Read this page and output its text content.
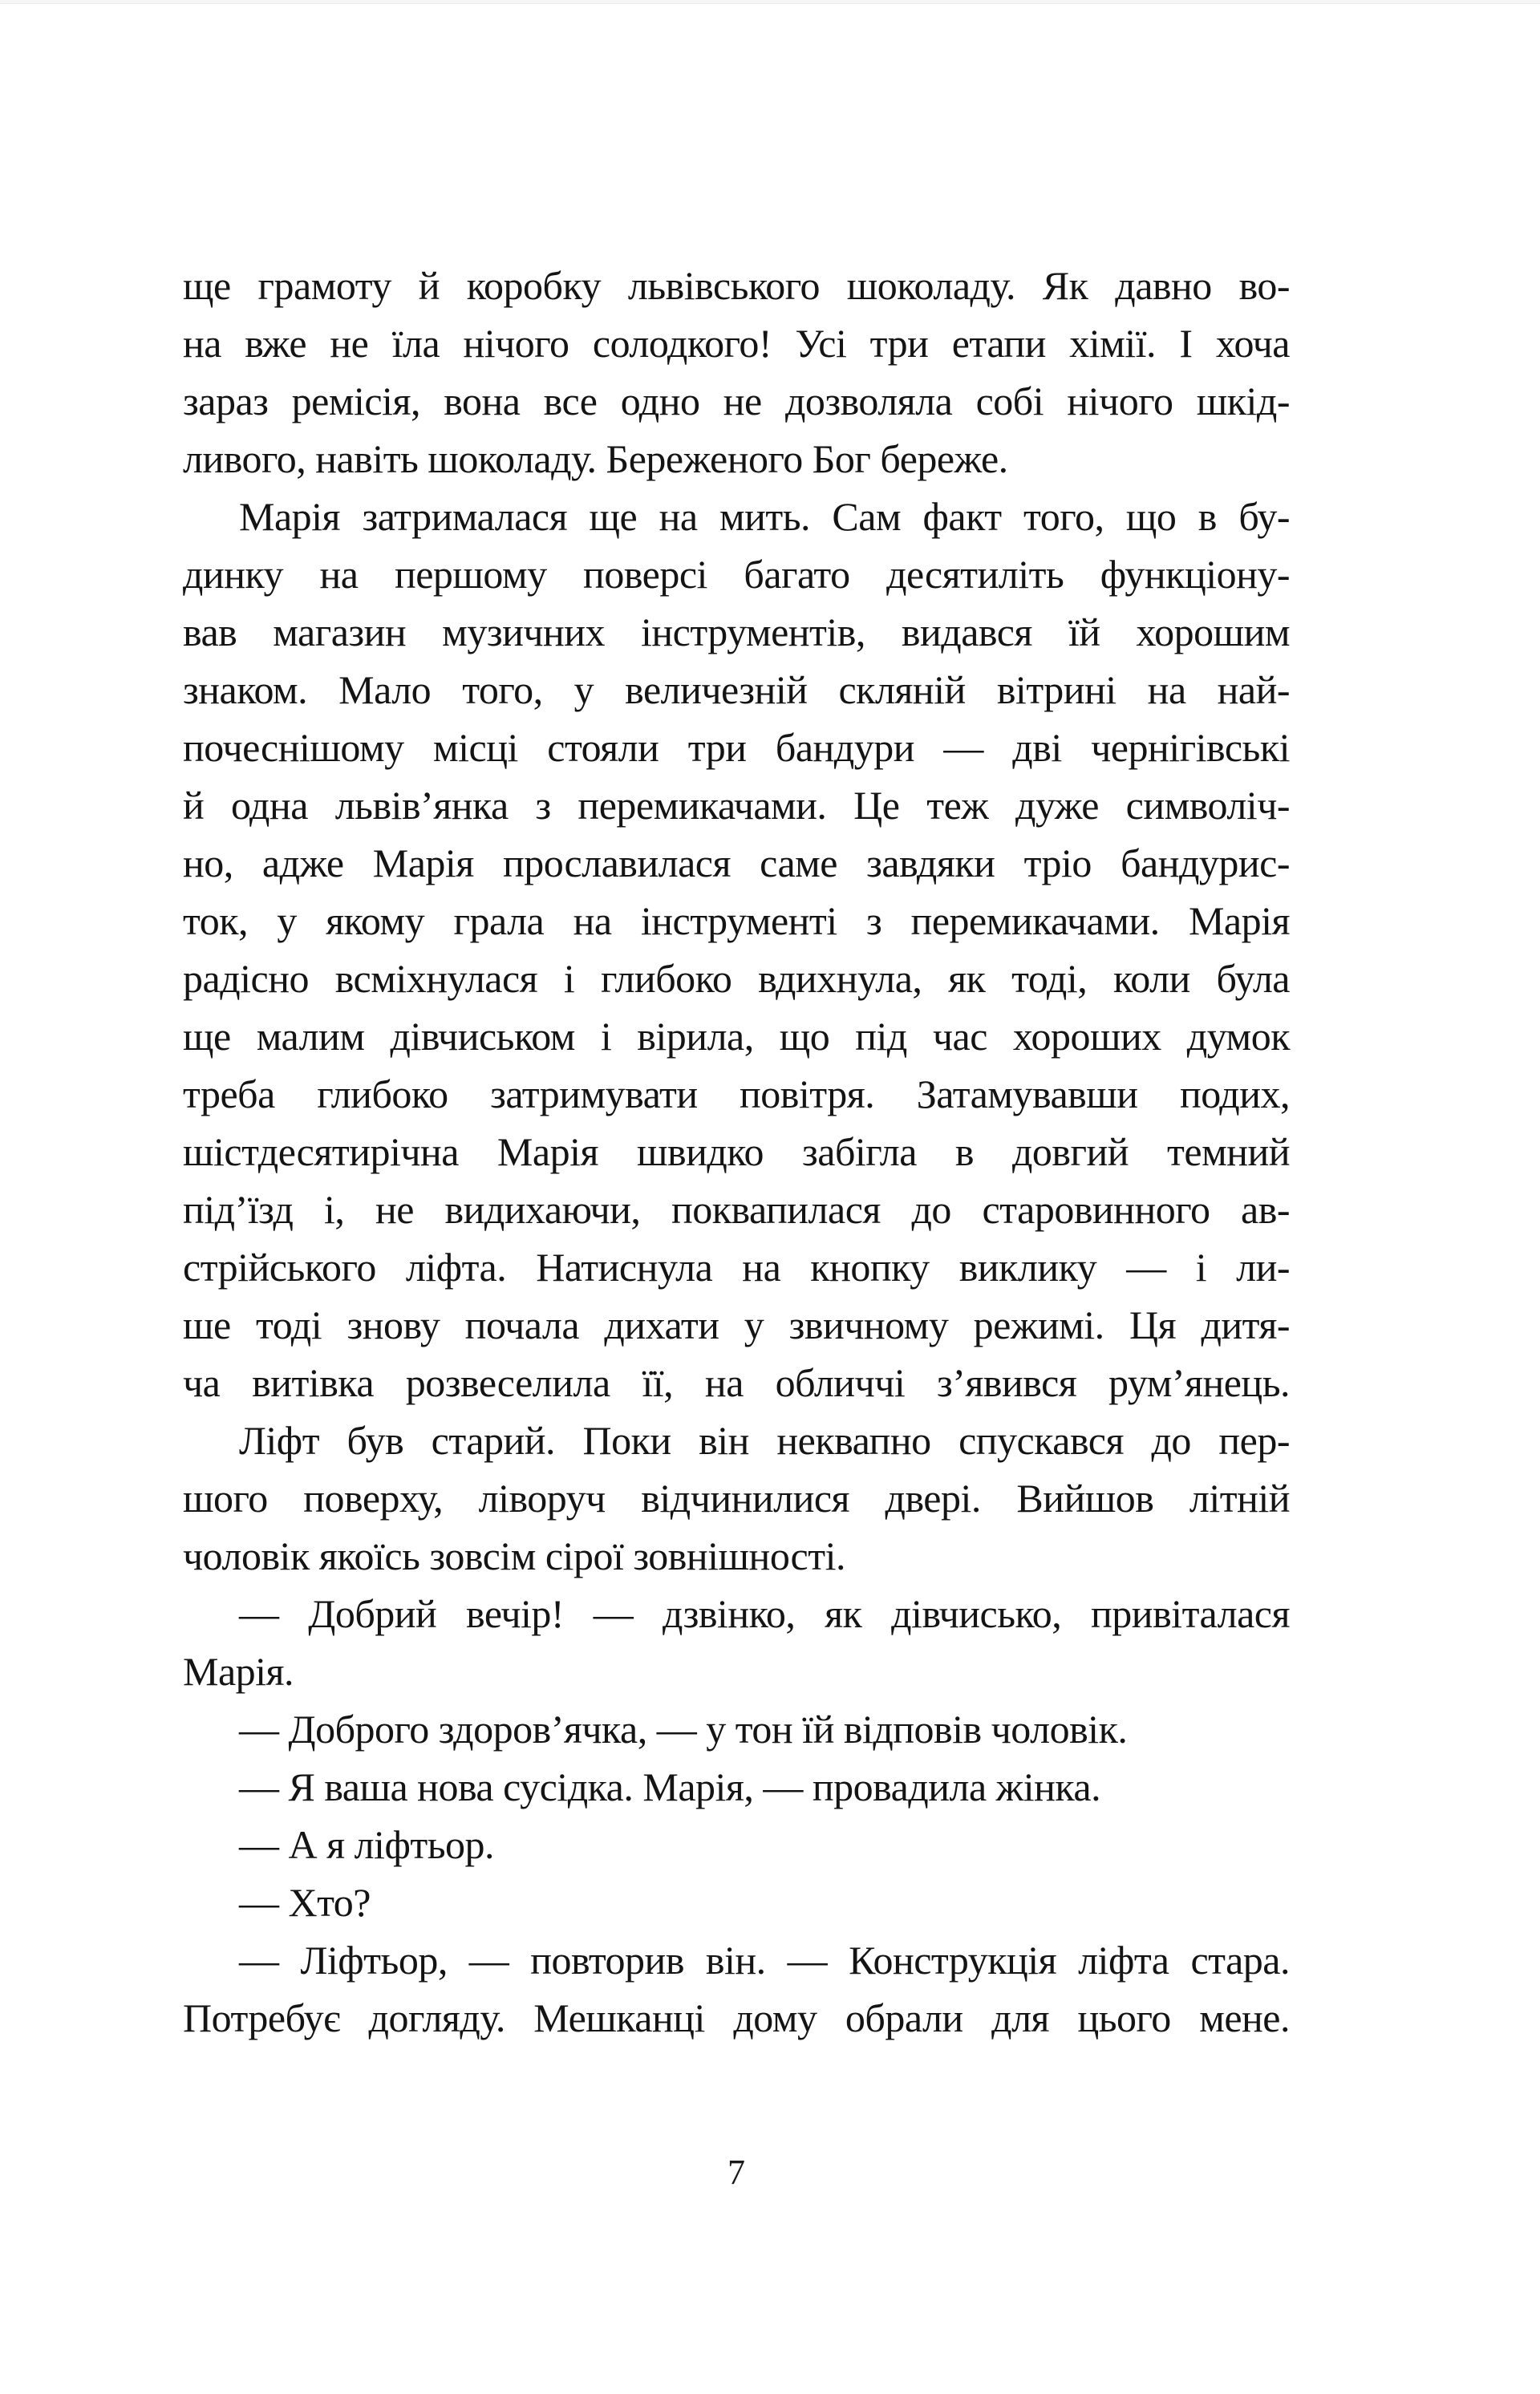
ще грамоту й коробку львівського шоколаду. Як давно во-
на вже не їла нічого солодкого! Усі три етапи хімії. І хоча
зараз ремісія, вона все одно не дозволяла собі нічого шкід-
ливого, навіть шоколаду. Береженого Бог береже.
Марія затрималася ще на мить. Сам факт того, що в бу-
динку на першому поверсі багато десятиліть функціону-
вав магазин музичних інструментів, видався їй хорошим
знаком. Мало того, у величезній скляній вітрині на най-
почеснішому місці стояли три бандури — дві чернігівські
й одна львів’янка з перемикачами. Це теж дуже символіч-
но, адже Марія прославилася саме завдяки тріо бандурис-
ток, у якому грала на інструменті з перемикачами. Марія
радісно всміхнулася і глибоко вдихнула, як тоді, коли була
ще малим дівчиськом і вірила, що під час хороших думок
треба глибоко затримувати повітря. Затамувавши подих,
шістдесятирічна Марія швидко забігла в довгий темний
під’їзд і, не видихаючи, поквапилася до старовинного ав-
стрійського ліфта. Натиснула на кнопку виклику — і ли-
ше тоді знову почала дихати у звичному режимі. Ця дитя-
ча витівка розвеселила її, на обличчі з’явився рум’янець.
Ліфт був старий. Поки він неквапно спускався до пер-
шого поверху, ліворуч відчинилися двері. Вийшов літній
чоловік якоїсь зовсім сірої зовнішності.
— Добрий вечір! — дзвінко, як дівчисько, привіталася
Марія.
— Доброго здоров’ячка, — у тон їй відповів чоловік.
— Я ваша нова сусідка. Марія, — провадила жінка.
— А я ліфтьор.
— Хто?
— Ліфтьор, — повторив він. — Конструкція ліфта стара.
Потребує догляду. Мешканці дому обрали для цього мене.
7
